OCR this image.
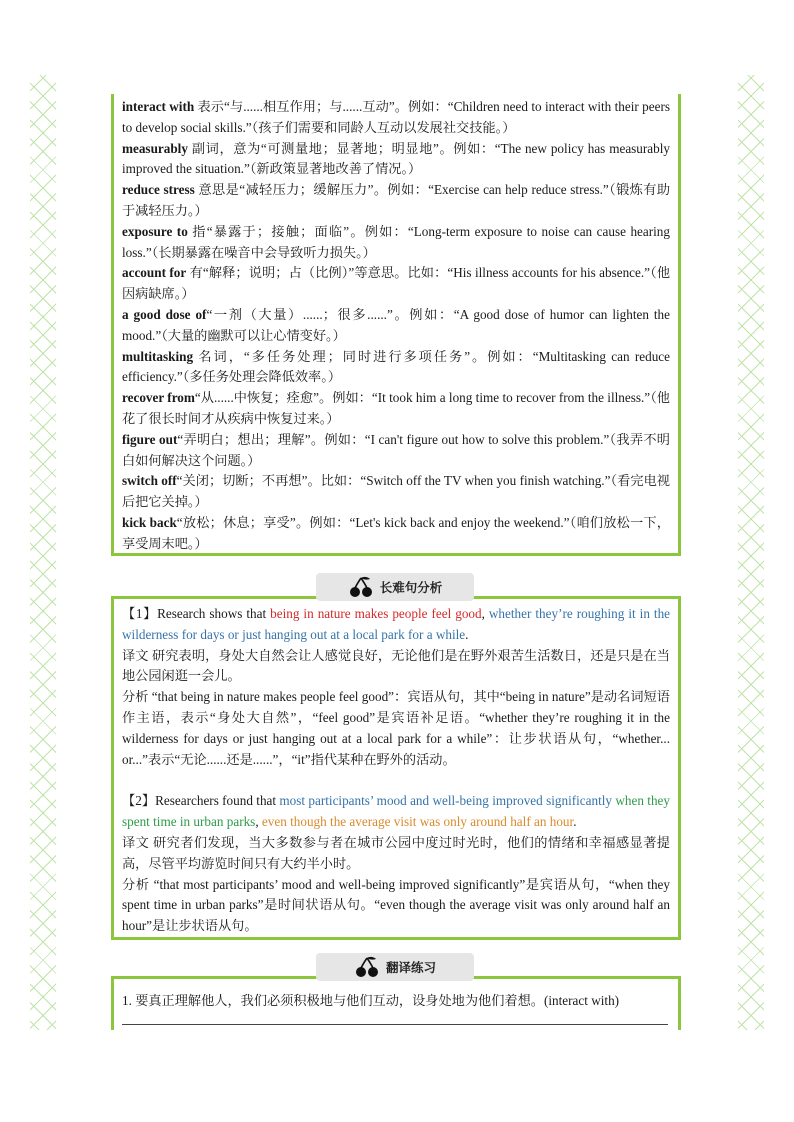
interact with 表示“与......相互作用；与......互动”。例如：“Children need to interact with their peers to develop social skills.”（孩子们需要和同龄人互动以发展社交技能。）

measurably 副词，意为“可测量地；显著地；明显地”。例如：“The new policy has measurably improved the situation.”（新政策显著地改善了情况。）

reduce stress 意思是“减轻压力；缓解压力”。例如：“Exercise can help reduce stress.”（锻炼有助于减轻压力。）

exposure to 指“暴露于；接触；面临”。例如：“Long-term exposure to noise can cause hearing loss.”（长期暴露在噪音中会导致听力损失。）

account for 有“解释；说明；占（比例）”等意思。比如：“His illness accounts for his absence.”（他因病缺席。）

a good dose of“一剂（大量）......；很多......”。例如：“A good dose of humor can lighten the mood.”（大量的幽默可以让心情变好。）

multitasking 名词，“多任务处理；同时进行多项任务”。例如：“Multitasking can reduce efficiency.”（多任务处理会降低效率。）

recover from“从......中恢复；痊愈”。例如：“It took him a long time to recover from the illness.”（他花了很长时间才从疾病中恢复过来。）

figure out“弄明白；想出；理解”。例如：“I can't figure out how to solve this problem.”（我弄不明白如何解决这个问题。）

switch off“关闭；切断；不再想”。比如：“Switch off the TV when you finish watching.”（看完电视后把它关掉。）

kick back“放松；休息；享受”。例如：“Let's kick back and enjoy the weekend.”（咱们放松一下，享受周末吧。）

长难句分析

【1】Research shows that being in nature makes people feel good, whether they’re roughing it in the wilderness for days or just hanging out at a local park for a while.

译文 研究表明，身处大自然会让人感觉良好，无论他们是在野外艰苦生活数日，还是只是在当地公园闲逛一会儿。

分析 “that being in nature makes people feel good”：宾语从句，其中“being in nature”是动名词短语作主语，表示“身处大自然”，“feel good”是宾语补足语。“whether they’re roughing it in the wilderness for days or just hanging out at a local park for a while”：让步状语从句，“whether... or...”表示“无论......还是......”，“it”指代某种在野外的活动。

【2】Researchers found that most participants’ mood and well-being improved significantly when they spent time in urban parks, even though the average visit was only around half an hour.

译文 研究者们发现，当大多数参与者在城市公园中度过时光时，他们的情绪和幸福感显著提高，尽管平均游览时间只有大约半小时。

分析 “that most participants’ mood and well-being improved significantly”是宾语从句，“when they spent time in urban parks”是时间状语从句。“even though the average visit was only around half an hour”是让步状语从句。

翻译练习

1. 要真正理解他人，我们必须积极地与他们互动，设身处地为他们着想。(interact with)
